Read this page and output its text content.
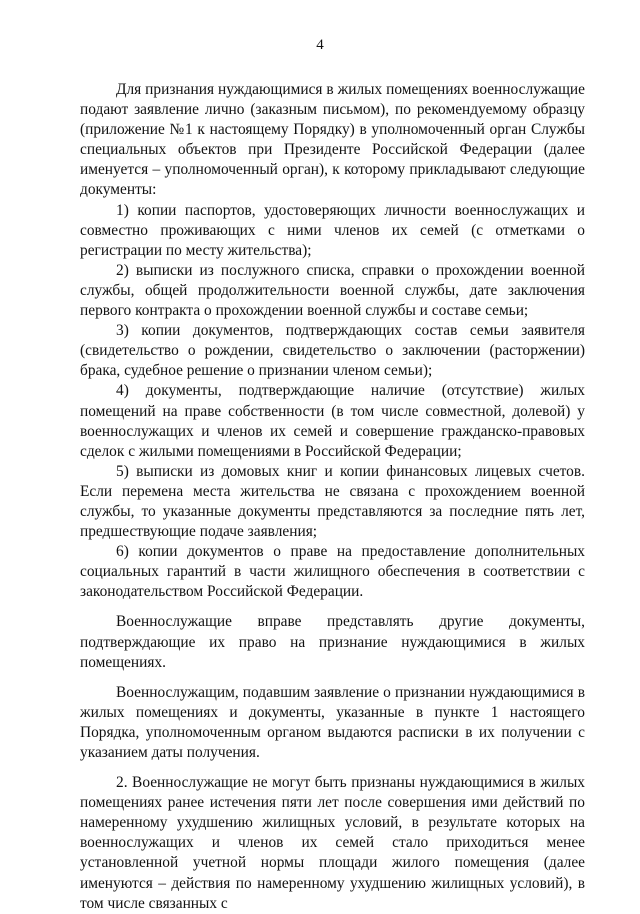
4

Для признания нуждающимися в жилых помещениях военнослужащие подают заявление лично (заказным письмом), по рекомендуемому образцу (приложение №1 к настоящему Порядку) в уполномоченный орган Службы специальных объектов при Президенте Российской Федерации (далее именуется – уполномоченный орган), к которому прикладывают следующие документы:

1) копии паспортов, удостоверяющих личности военнослужащих и совместно проживающих с ними членов их семей (с отметками о регистрации по месту жительства);

2) выписки из послужного списка, справки о прохождении военной службы, общей продолжительности военной службы, дате заключения первого контракта о прохождении военной службы и составе семьи;

3) копии документов, подтверждающих состав семьи заявителя (свидетельство о рождении, свидетельство о заключении (расторжении) брака, судебное решение о признании членом семьи);

4) документы, подтверждающие наличие (отсутствие) жилых помещений на праве собственности (в том числе совместной, долевой) у военнослужащих и членов их семей и совершение гражданско-правовых сделок с жилыми помещениями в Российской Федерации;

5) выписки из домовых книг и копии финансовых лицевых счетов. Если перемена места жительства не связана с прохождением военной службы, то указанные документы представляются за последние пять лет, предшествующие подаче заявления;

6) копии документов о праве на предоставление дополнительных социальных гарантий в части жилищного обеспечения в соответствии с законодательством Российской Федерации.

Военнослужащие вправе представлять другие документы, подтверждающие их право на признание нуждающимися в жилых помещениях.

Военнослужащим, подавшим заявление о признании нуждающимися в жилых помещениях и документы, указанные в пункте 1 настоящего Порядка, уполномоченным органом выдаются расписки в их получении с указанием даты получения.

2. Военнослужащие не могут быть признаны нуждающимися в жилых помещениях ранее истечения пяти лет после совершения ими действий по намеренному ухудшению жилищных условий, в результате которых на военнослужащих и членов их семей стало приходиться менее установленной учетной нормы площади жилого помещения (далее именуются – действия по намеренному ухудшению жилищных условий), в том числе связанных с
